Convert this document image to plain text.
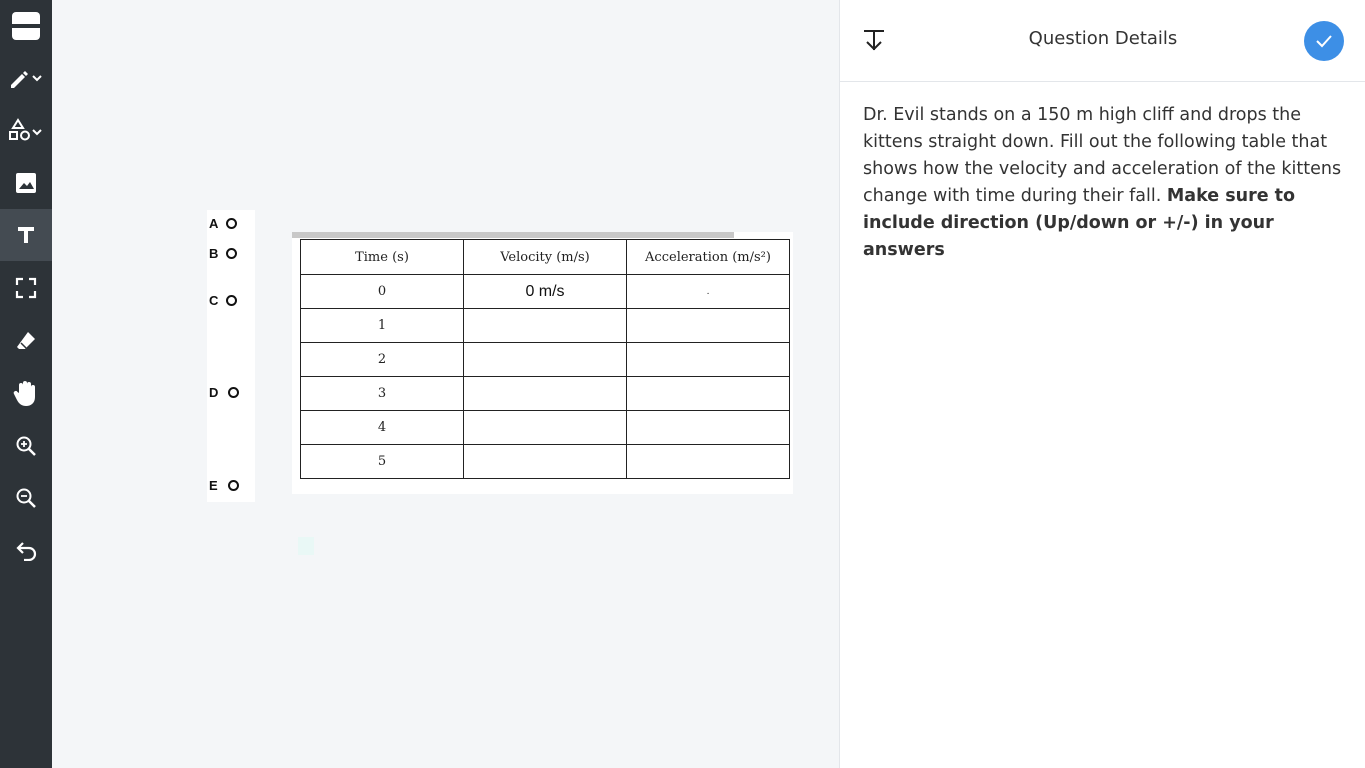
A
B
C
D
E
Time (s)	Velocity (m/s)	Acceleration (m/s²)
0	0 m/s	.
1		
2		
3		
4		
5		
Question Details
Dr. Evil stands on a 150 m high cliff and drops the kittens straight down. Fill out the following table that shows how the velocity and acceleration of the kittens change with time during their fall. Make sure to include direction (Up/down or +/-) in your answers
